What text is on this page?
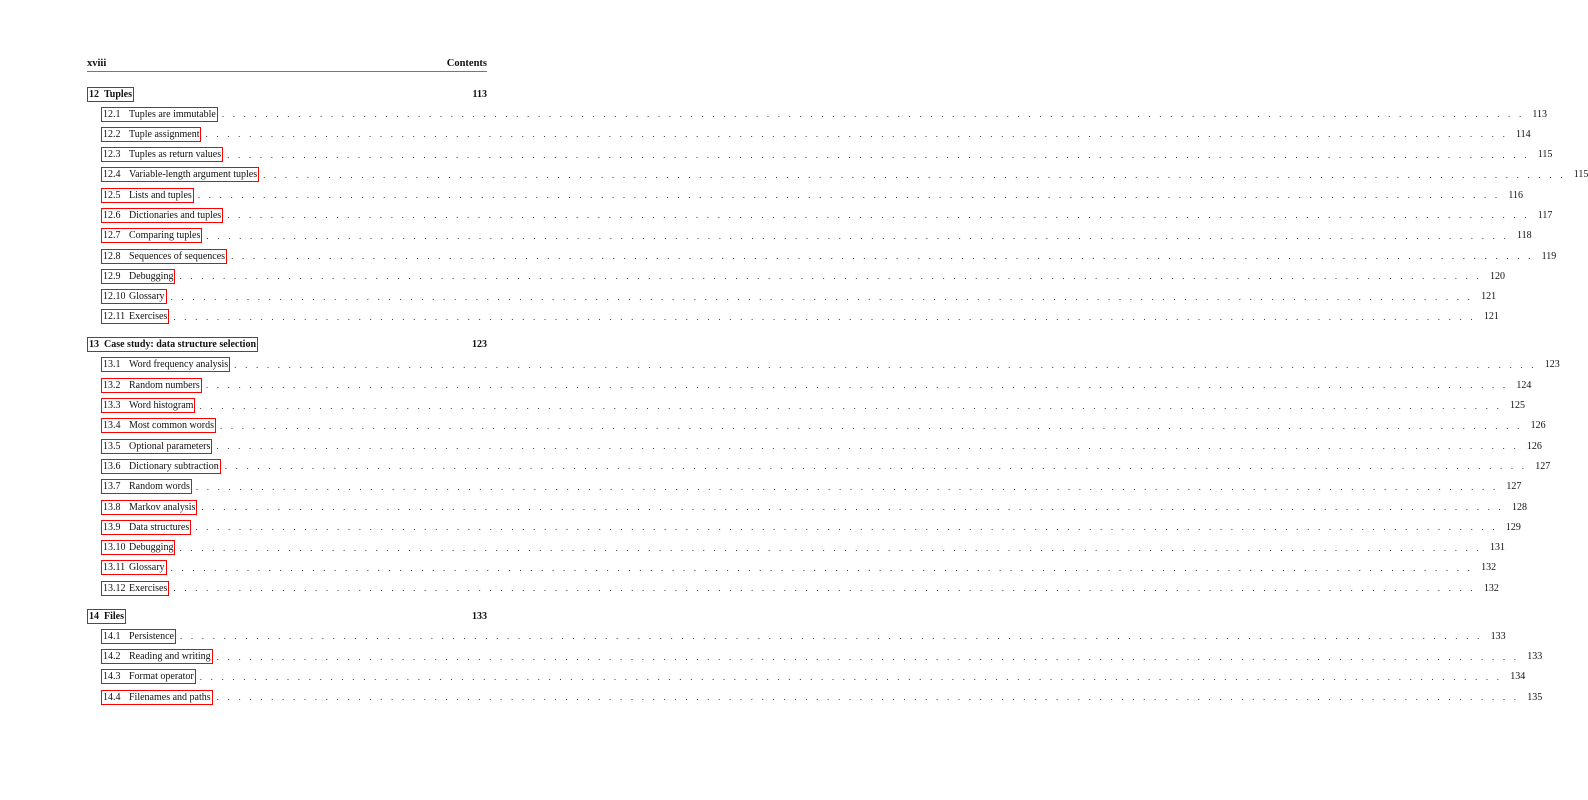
xviii	Contents
12 Tuples	113
12.1 Tuples are immutable . . . . . . . . . . . . . . . . . . . . . . . . . . . . . . . . . . . . . . . . . . . . . . . . . . . . . . . . . . . . . . . . . . . . . . . . . . . . . . . . . . . . . . . . . . . . . . . . . . . . . . . . . . . . . . . . . . . . . . . . 113
12.2 Tuple assignment . . . . . . . . . . . . . . . . . . . . . . . . . . . . . . . . . . . . . . . . . . . . . . . . . . . . . . . . . . . . . . . . . . . . . . . . . . . . . . . . . . . . . . . . . . . . . . . . . . . . . . . . . . . . . . . . . . . . . . . . 114
12.3 Tuples as return values . . . . . . . . . . . . . . . . . . . . . . . . . . . . . . . . . . . . . . . . . . . . . . . . . . . . . . . . . . . . . . . . . . . . . . . . . . . . . . . . . . . . . . . . . . . . . . . . . . . . . . . . . . . . . . . . . . . . . . . . 115
12.4 Variable-length argument tuples . . . . . . . . . . . . . . . . . . . . . . . . . . . . . . . . . . . . . . . . . . . . . . . . . . . . . . . . . . . . . . . . . . . . . . . . . . . . . . . . . . . . . . . . . . . . . . . . . . . . . . . . . . . . . . . . . . . . . . . . 115
12.5 Lists and tuples . . . . . . . . . . . . . . . . . . . . . . . . . . . . . . . . . . . . . . . . . . . . . . . . . . . . . . . . . . . . . . . . . . . . . . . . . . . . . . . . . . . . . . . . . . . . . . . . . . . . . . . . . . . . . . . . . . . . . . . . 116
12.6 Dictionaries and tuples . . . . . . . . . . . . . . . . . . . . . . . . . . . . . . . . . . . . . . . . . . . . . . . . . . . . . . . . . . . . . . . . . . . . . . . . . . . . . . . . . . . . . . . . . . . . . . . . . . . . . . . . . . . . . . . . . . . . . . . . 117
12.7 Comparing tuples . . . . . . . . . . . . . . . . . . . . . . . . . . . . . . . . . . . . . . . . . . . . . . . . . . . . . . . . . . . . . . . . . . . . . . . . . . . . . . . . . . . . . . . . . . . . . . . . . . . . . . . . . . . . . . . . . . . . . . . . 118
12.8 Sequences of sequences . . . . . . . . . . . . . . . . . . . . . . . . . . . . . . . . . . . . . . . . . . . . . . . . . . . . . . . . . . . . . . . . . . . . . . . . . . . . . . . . . . . . . . . . . . . . . . . . . . . . . . . . . . . . . . . . . . . . . . . . 119
12.9 Debugging . . . . . . . . . . . . . . . . . . . . . . . . . . . . . . . . . . . . . . . . . . . . . . . . . . . . . . . . . . . . . . . . . . . . . . . . . . . . . . . . . . . . . . . . . . . . . . . . . . . . . . . . . . . . . . . . . . . . . . . . 120
12.10 Glossary . . . . . . . . . . . . . . . . . . . . . . . . . . . . . . . . . . . . . . . . . . . . . . . . . . . . . . . . . . . . . . . . . . . . . . . . . . . . . . . . . . . . . . . . . . . . . . . . . . . . . . . . . . . . . . . . . . . . . . . . 121
12.11 Exercises . . . . . . . . . . . . . . . . . . . . . . . . . . . . . . . . . . . . . . . . . . . . . . . . . . . . . . . . . . . . . . . . . . . . . . . . . . . . . . . . . . . . . . . . . . . . . . . . . . . . . . . . . . . . . . . . . . . . . . . . 121
13 Case study: data structure selection	123
13.1 Word frequency analysis . . . . . . . . . . . . . . . . . . . . . . . . . . . . . . . . . . . . . . . . . . . . . . . . . . . . . . . . . . . . . . . . . . . . . . . . . . . . . . . . . . . . . . . . . . . . . . . . . . . . . . . . . . . . . . . . . . . . . . . . 123
13.2 Random numbers . . . . . . . . . . . . . . . . . . . . . . . . . . . . . . . . . . . . . . . . . . . . . . . . . . . . . . . . . . . . . . . . . . . . . . . . . . . . . . . . . . . . . . . . . . . . . . . . . . . . . . . . . . . . . . . . . . . . . . . . 124
13.3 Word histogram . . . . . . . . . . . . . . . . . . . . . . . . . . . . . . . . . . . . . . . . . . . . . . . . . . . . . . . . . . . . . . . . . . . . . . . . . . . . . . . . . . . . . . . . . . . . . . . . . . . . . . . . . . . . . . . . . . . . . . . . 125
13.4 Most common words . . . . . . . . . . . . . . . . . . . . . . . . . . . . . . . . . . . . . . . . . . . . . . . . . . . . . . . . . . . . . . . . . . . . . . . . . . . . . . . . . . . . . . . . . . . . . . . . . . . . . . . . . . . . . . . . . . . . . . . . 126
13.5 Optional parameters . . . . . . . . . . . . . . . . . . . . . . . . . . . . . . . . . . . . . . . . . . . . . . . . . . . . . . . . . . . . . . . . . . . . . . . . . . . . . . . . . . . . . . . . . . . . . . . . . . . . . . . . . . . . . . . . . . . . . . . . 126
13.6 Dictionary subtraction . . . . . . . . . . . . . . . . . . . . . . . . . . . . . . . . . . . . . . . . . . . . . . . . . . . . . . . . . . . . . . . . . . . . . . . . . . . . . . . . . . . . . . . . . . . . . . . . . . . . . . . . . . . . . . . . . . . . . . . . 127
13.7 Random words . . . . . . . . . . . . . . . . . . . . . . . . . . . . . . . . . . . . . . . . . . . . . . . . . . . . . . . . . . . . . . . . . . . . . . . . . . . . . . . . . . . . . . . . . . . . . . . . . . . . . . . . . . . . . . . . . . . . . . . . 127
13.8 Markov analysis . . . . . . . . . . . . . . . . . . . . . . . . . . . . . . . . . . . . . . . . . . . . . . . . . . . . . . . . . . . . . . . . . . . . . . . . . . . . . . . . . . . . . . . . . . . . . . . . . . . . . . . . . . . . . . . . . . . . . . . . 128
13.9 Data structures . . . . . . . . . . . . . . . . . . . . . . . . . . . . . . . . . . . . . . . . . . . . . . . . . . . . . . . . . . . . . . . . . . . . . . . . . . . . . . . . . . . . . . . . . . . . . . . . . . . . . . . . . . . . . . . . . . . . . . . . 129
13.10 Debugging . . . . . . . . . . . . . . . . . . . . . . . . . . . . . . . . . . . . . . . . . . . . . . . . . . . . . . . . . . . . . . . . . . . . . . . . . . . . . . . . . . . . . . . . . . . . . . . . . . . . . . . . . . . . . . . . . . . . . . . . 131
13.11 Glossary . . . . . . . . . . . . . . . . . . . . . . . . . . . . . . . . . . . . . . . . . . . . . . . . . . . . . . . . . . . . . . . . . . . . . . . . . . . . . . . . . . . . . . . . . . . . . . . . . . . . . . . . . . . . . . . . . . . . . . . . 132
13.12 Exercises . . . . . . . . . . . . . . . . . . . . . . . . . . . . . . . . . . . . . . . . . . . . . . . . . . . . . . . . . . . . . . . . . . . . . . . . . . . . . . . . . . . . . . . . . . . . . . . . . . . . . . . . . . . . . . . . . . . . . . . . 132
14 Files	133
14.1 Persistence . . . . . . . . . . . . . . . . . . . . . . . . . . . . . . . . . . . . . . . . . . . . . . . . . . . . . . . . . . . . . . . . . . . . . . . . . . . . . . . . . . . . . . . . . . . . . . . . . . . . . . . . . . . . . . . . . . . . . . . . 133
14.2 Reading and writing . . . . . . . . . . . . . . . . . . . . . . . . . . . . . . . . . . . . . . . . . . . . . . . . . . . . . . . . . . . . . . . . . . . . . . . . . . . . . . . . . . . . . . . . . . . . . . . . . . . . . . . . . . . . . . . . . . . . . . . . 133
14.3 Format operator . . . . . . . . . . . . . . . . . . . . . . . . . . . . . . . . . . . . . . . . . . . . . . . . . . . . . . . . . . . . . . . . . . . . . . . . . . . . . . . . . . . . . . . . . . . . . . . . . . . . . . . . . . . . . . . . . . . . . . . . 134
14.4 Filenames and paths . . . . . . . . . . . . . . . . . . . . . . . . . . . . . . . . . . . . . . . . . . . . . . . . . . . . . . . . . . . . . . . . . . . . . . . . . . . . . . . . . . . . . . . . . . . . . . . . . . . . . . . . . . . . . . . . . . . . . . . . 135
